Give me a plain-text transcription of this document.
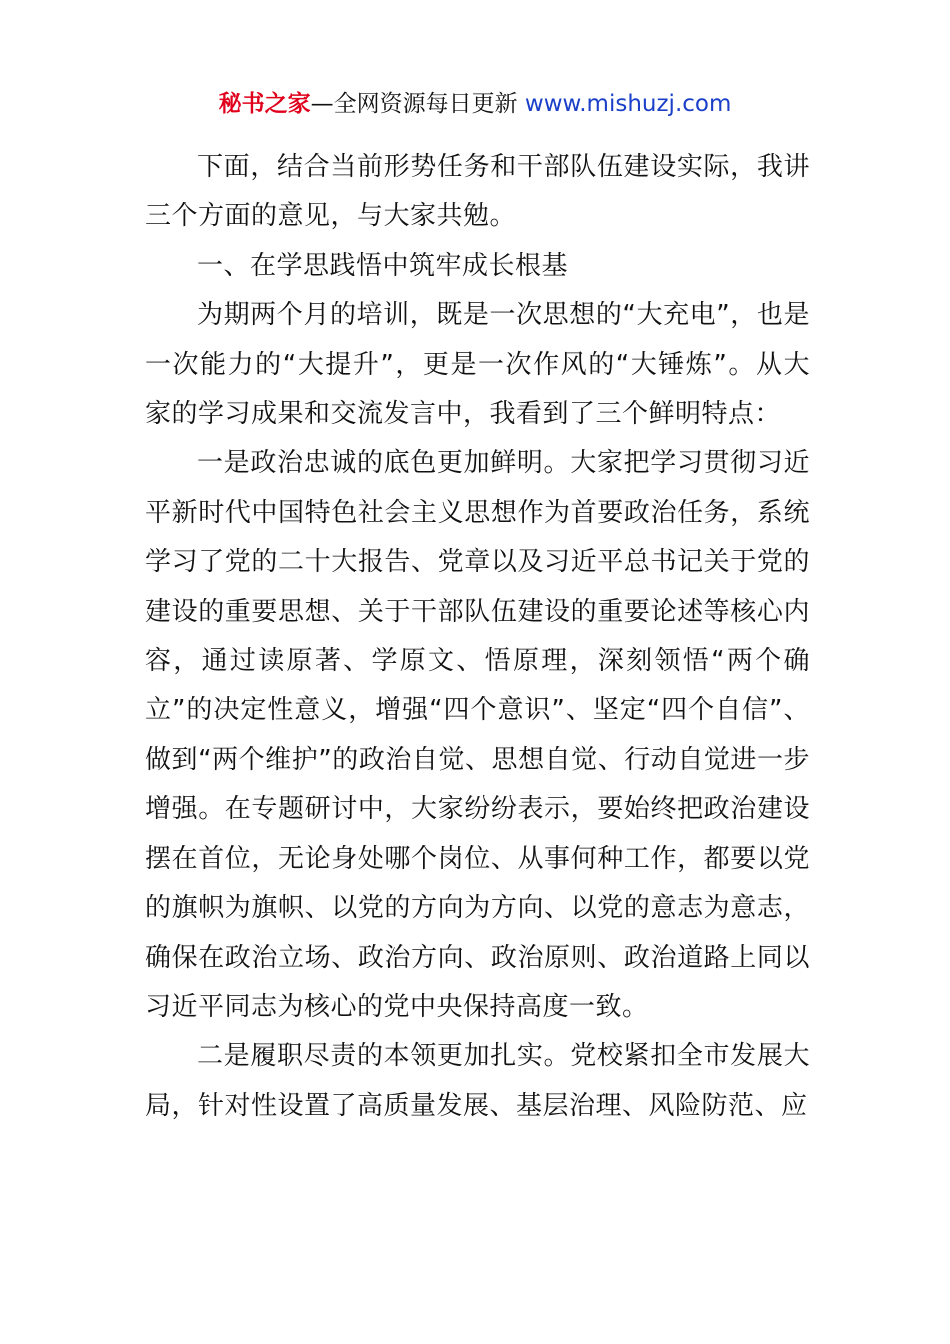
秘书之家—全网资源每日更新 www.mishuzj.com

下面，结合当前形势任务和干部队伍建设实际，我讲三个方面的意见，与大家共勉。

一、在学思践悟中筑牢成长根基

为期两个月的培训，既是一次思想的“大充电”，也是一次能力的“大提升”，更是一次作风的“大锤炼”。从大家的学习成果和交流发言中，我看到了三个鲜明特点：

一是政治忠诚的底色更加鲜明。大家把学习贯彻习近平新时代中国特色社会主义思想作为首要政治任务，系统学习了党的二十大报告、党章以及习近平总书记关于党的建设的重要思想、关于干部队伍建设的重要论述等核心内容，通过读原著、学原文、悟原理，深刻领悟“两个确立”的决定性意义，增强“四个意识”、坚定“四个自信”、做到“两个维护”的政治自觉、思想自觉、行动自觉进一步增强。在专题研讨中，大家纷纷表示，要始终把政治建设摆在首位，无论身处哪个岗位、从事何种工作，都要以党的旗帜为旗帜、以党的方向为方向、以党的意志为意志，确保在政治立场、政治方向、政治原则、政治道路上同以习近平同志为核心的党中央保持高度一致。

二是履职尽责的本领更加扎实。党校紧扣全市发展大局，针对性设置了高质量发展、基层治理、风险防范、应
